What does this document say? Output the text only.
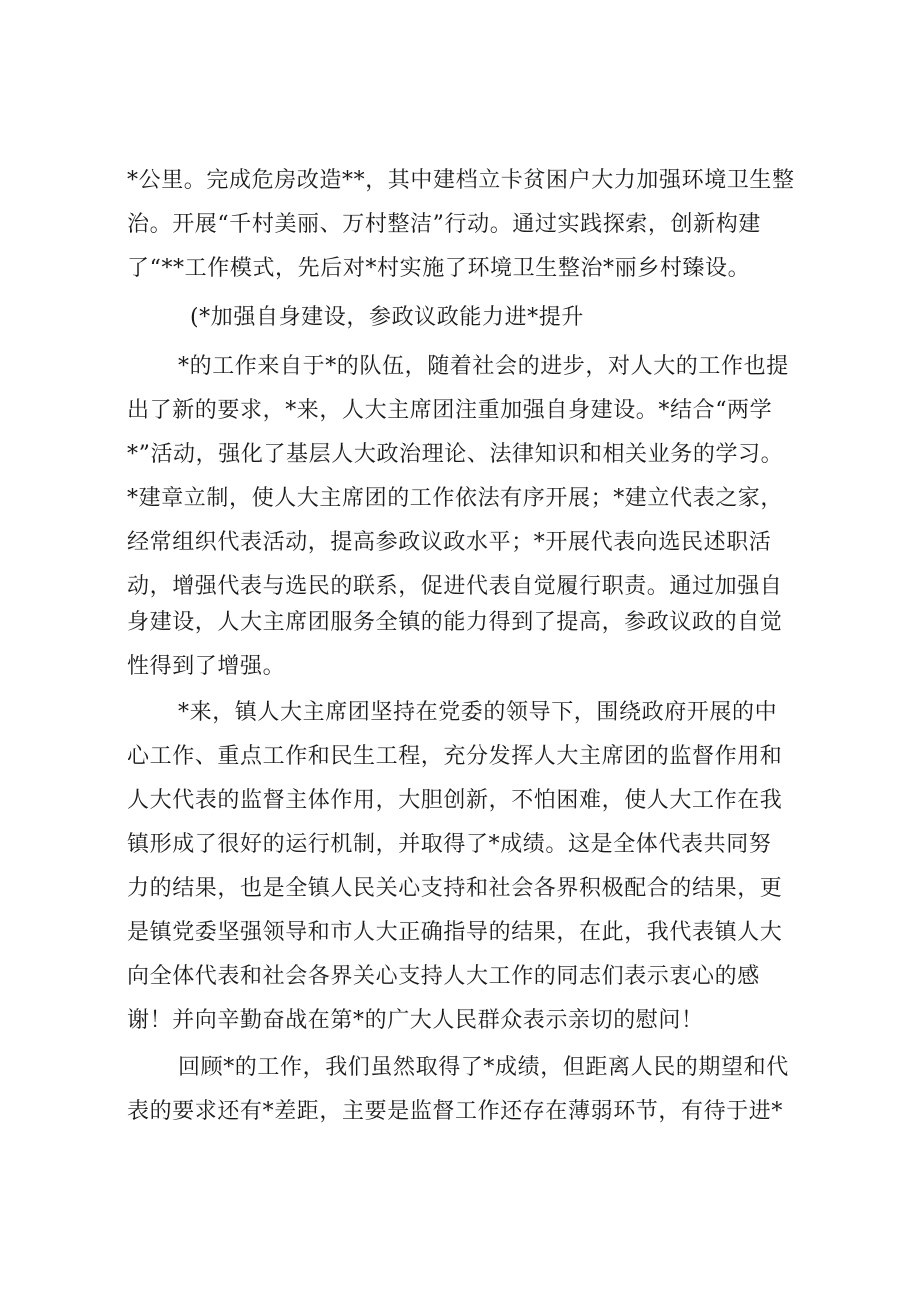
*公里。完成危房改造**，其中建档立卡贫困户大力加强环境卫生整
治。开展“千村美丽、万村整洁”行动。通过实践探索，创新构建
了“**工作模式，先后对*村实施了环境卫生整治*丽乡村臻设。
(*加强自身建设，参政议政能力进*提升
*的工作来自于*的队伍，随着社会的进步，对人大的工作也提
出了新的要求，*来，人大主席团注重加强自身建设。*结合“两学
*”活动，强化了基层人大政治理论、法律知识和相关业务的学习。
*建章立制，使人大主席团的工作依法有序开展；*建立代表之家，
经常组织代表活动，提高参政议政水平；*开展代表向选民述职活
动，增强代表与选民的联系，促进代表自觉履行职责。通过加强自
身建设，人大主席团服务全镇的能力得到了提高，参政议政的自觉
性得到了增强。
*来，镇人大主席团坚持在党委的领导下，围绕政府开展的中
心工作、重点工作和民生工程，充分发挥人大主席团的监督作用和
人大代表的监督主体作用，大胆创新，不怕困难，使人大工作在我
镇形成了很好的运行机制，并取得了*成绩。这是全体代表共同努
力的结果，也是全镇人民关心支持和社会各界积极配合的结果，更
是镇党委坚强领导和市人大正确指导的结果，在此，我代表镇人大
向全体代表和社会各界关心支持人大工作的同志们表示衷心的感
谢！并向辛勤奋战在第*的广大人民群众表示亲切的慰问！
回顾*的工作，我们虽然取得了*成绩，但距离人民的期望和代
表的要求还有*差距，主要是监督工作还存在薄弱环节，有待于进*
